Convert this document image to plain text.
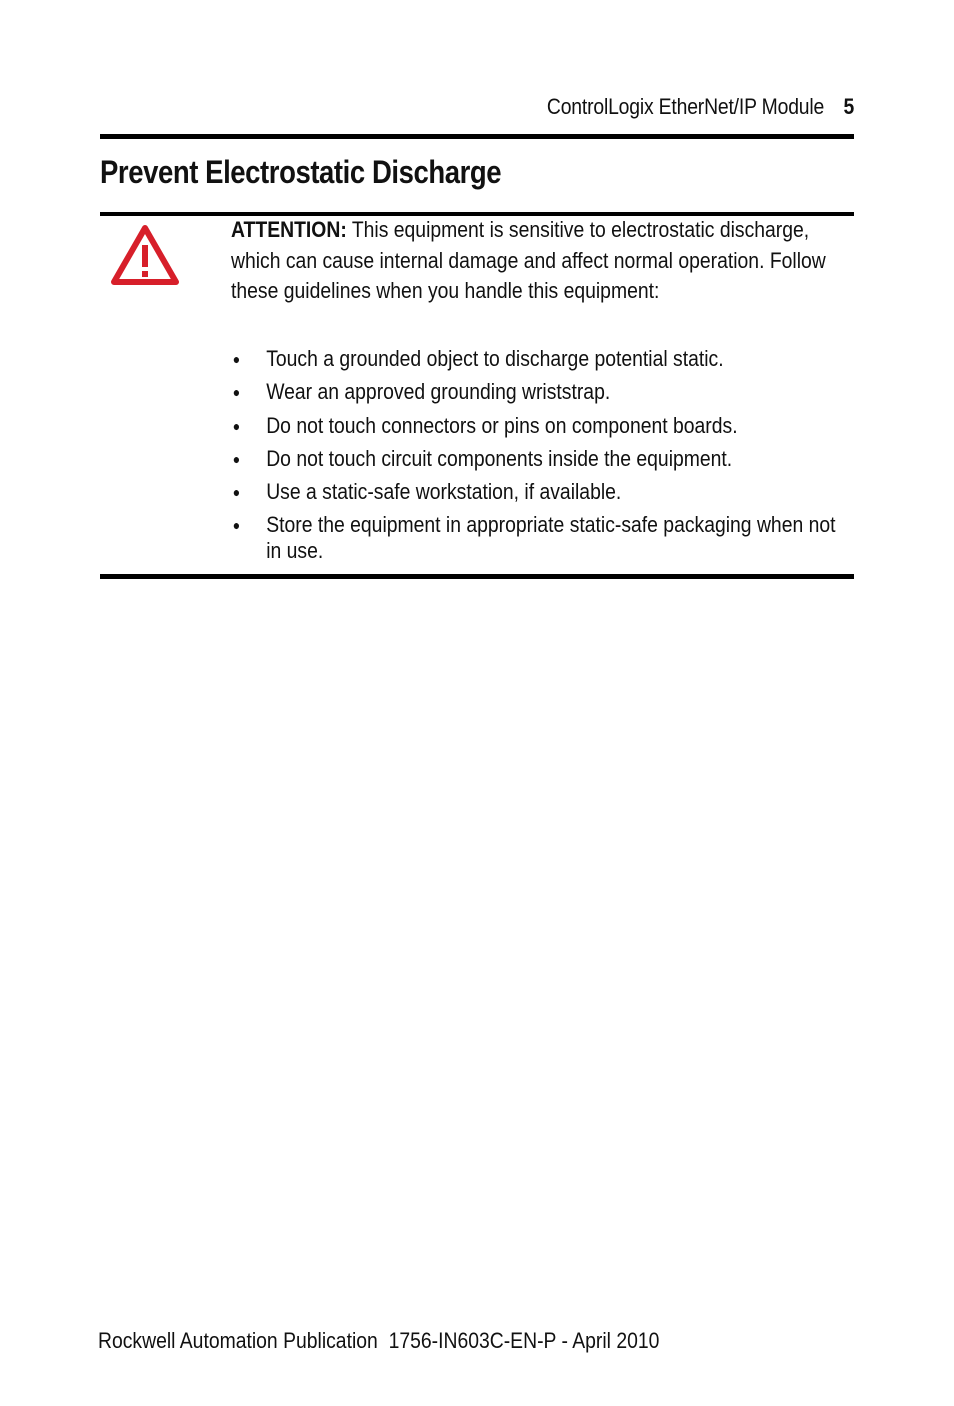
ControlLogix EtherNet/IP Module 5
Prevent Electrostatic Discharge
ATTENTION: This equipment is sensitive to electrostatic discharge, which can cause internal damage and affect normal operation. Follow these guidelines when you handle this equipment:
● Touch a grounded object to discharge potential static.
● Wear an approved grounding wriststrap.
● Do not touch connectors or pins on component boards.
● Do not touch circuit components inside the equipment.
● Use a static-safe workstation, if available.
● Store the equipment in appropriate static-safe packaging when not in use.
Rockwell Automation Publication 1756-IN603C-EN-P - April 2010
